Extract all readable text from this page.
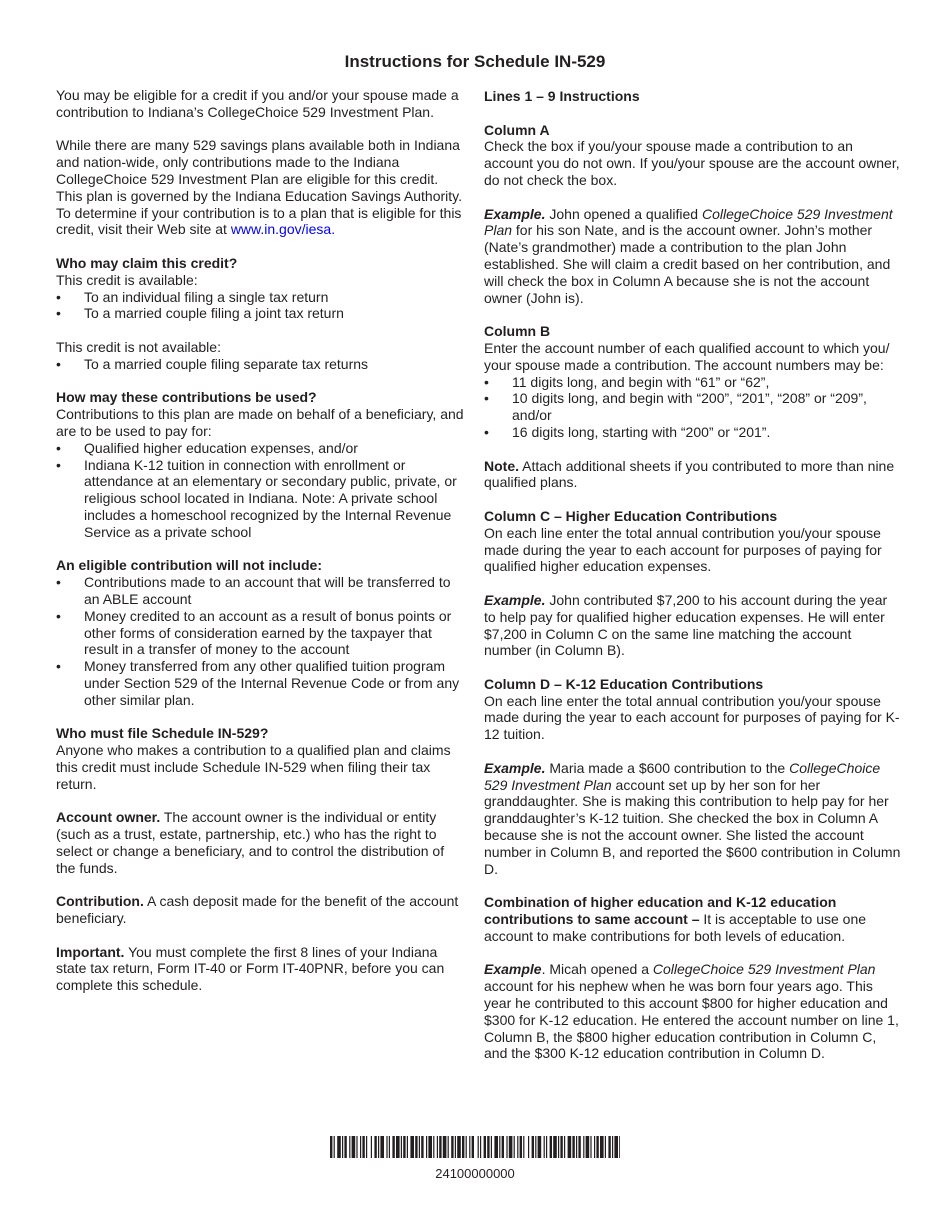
Instructions for Schedule IN-529

You may be eligible for a credit if you and/or your spouse made a contribution to Indiana’s CollegeChoice 529 Investment Plan.

While there are many 529 savings plans available both in Indiana and nation-wide, only contributions made to the Indiana CollegeChoice 529 Investment Plan are eligible for this credit. This plan is governed by the Indiana Education Savings Authority. To determine if your contribution is to a plan that is eligible for this credit, visit their Web site at www.in.gov/iesa.

Who may claim this credit?

This credit is available:

• To an individual filing a single tax return
• To a married couple filing a joint tax return

This credit is not available:

• To a married couple filing separate tax returns

How may these contributions be used?

Contributions to this plan are made on behalf of a beneficiary, and are to be used to pay for:

• Qualified higher education expenses, and/or
• Indiana K-12 tuition in connection with enrollment or attendance at an elementary or secondary public, private, or religious school located in Indiana. Note: A private school includes a homeschool recognized by the Internal Revenue Service as a private school

An eligible contribution will not include:

• Contributions made to an account that will be transferred to an ABLE account
• Money credited to an account as a result of bonus points or other forms of consideration earned by the taxpayer that result in a transfer of money to the account
• Money transferred from any other qualified tuition program under Section 529 of the Internal Revenue Code or from any other similar plan.

Who must file Schedule IN-529?

Anyone who makes a contribution to a qualified plan and claims this credit must include Schedule IN-529 when filing their tax return.

Account owner. The account owner is the individual or entity (such as a trust, estate, partnership, etc.) who has the right to select or change a beneficiary, and to control the distribution of the funds.

Contribution. A cash deposit made for the benefit of the account beneficiary.

Important. You must complete the first 8 lines of your Indiana state tax return, Form IT-40 or Form IT-40PNR, before you can complete this schedule.

Lines 1 – 9 Instructions

Column A

Check the box if you/your spouse made a contribution to an account you do not own. If you/your spouse are the account owner, do not check the box.

Example. John opened a qualified CollegeChoice 529 Investment Plan for his son Nate, and is the account owner. John’s mother (Nate’s grandmother) made a contribution to the plan John established. She will claim a credit based on her contribution, and will check the box in Column A because she is not the account owner (John is).

Column B

Enter the account number of each qualified account to which you/ your spouse made a contribution. The account numbers may be:

• 11 digits long, and begin with “61” or “62”,
• 10 digits long, and begin with “200”, “201”, “208” or “209”, and/or
• 16 digits long, starting with “200” or “201”.

Note. Attach additional sheets if you contributed to more than nine qualified plans.

Column C – Higher Education Contributions

On each line enter the total annual contribution you/your spouse made during the year to each account for purposes of paying for qualified higher education expenses.

Example. John contributed $7,200 to his account during the year to help pay for qualified higher education expenses. He will enter $7,200 in Column C on the same line matching the account number (in Column B).

Column D – K-12 Education Contributions

On each line enter the total annual contribution you/your spouse made during the year to each account for purposes of paying for K-12 tuition.

Example. Maria made a $600 contribution to the CollegeChoice 529 Investment Plan account set up by her son for her granddaughter. She is making this contribution to help pay for her granddaughter’s K-12 tuition. She checked the box in Column A because she is not the account owner. She listed the account number in Column B, and reported the $600 contribution in Column D.

Combination of higher education and K-12 education contributions to same account – It is acceptable to use one account to make contributions for both levels of education.

Example. Micah opened a CollegeChoice 529 Investment Plan account for his nephew when he was born four years ago. This year he contributed to this account $800 for higher education and $300 for K-12 education. He entered the account number on line 1, Column B, the $800 higher education contribution in Column C, and the $300 K-12 education contribution in Column D.

24100000000
